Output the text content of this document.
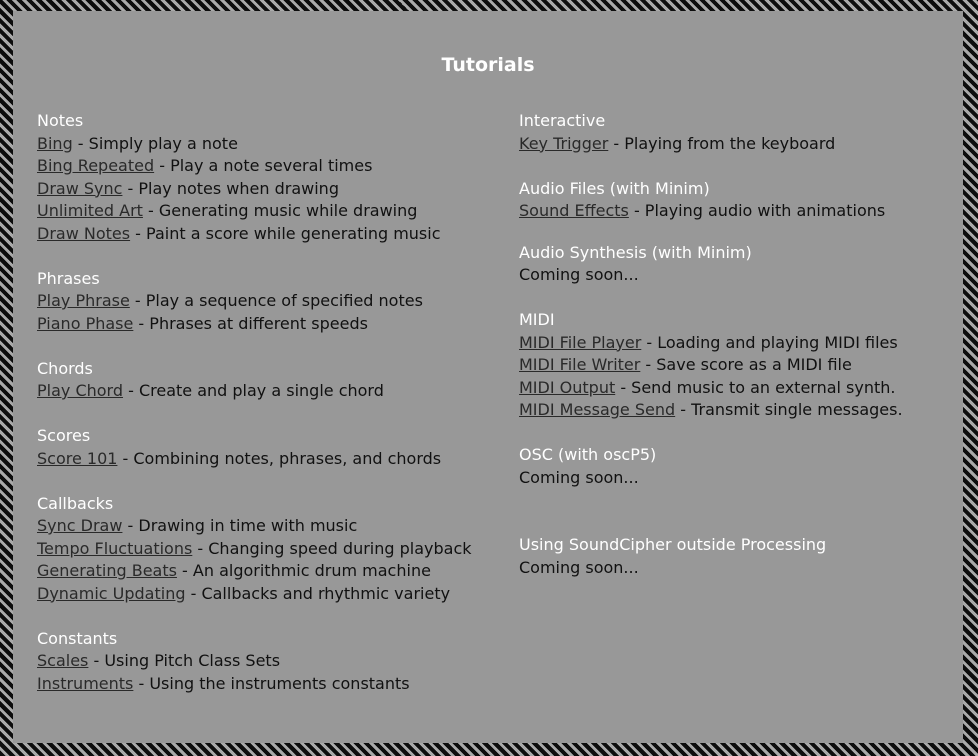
Tutorials
Notes
Bing - Simply play a note
Bing Repeated - Play a note several times
Draw Sync - Play notes when drawing
Unlimited Art - Generating music while drawing
Draw Notes - Paint a score while generating music
Phrases
Play Phrase - Play a sequence of specified notes
Piano Phase - Phrases at different speeds
Chords
Play Chord - Create and play a single chord
Scores
Score 101 - Combining notes, phrases, and chords
Callbacks
Sync Draw - Drawing in time with music
Tempo Fluctuations - Changing speed during playback
Generating Beats - An algorithmic drum machine
Dynamic Updating - Callbacks and rhythmic variety
Constants
Scales - Using Pitch Class Sets
Instruments - Using the instruments constants
Interactive
Key Trigger - Playing from the keyboard
Audio Files (with Minim)
Sound Effects - Playing audio with animations
Audio Synthesis (with Minim)
Coming soon...
MIDI
MIDI File Player - Loading and playing MIDI files
MIDI File Writer - Save score as a MIDI file
MIDI Output - Send music to an external synth.
MIDI Message Send - Transmit single messages.
OSC (with oscP5)
Coming soon...
Using SoundCipher outside Processing
Coming soon...
